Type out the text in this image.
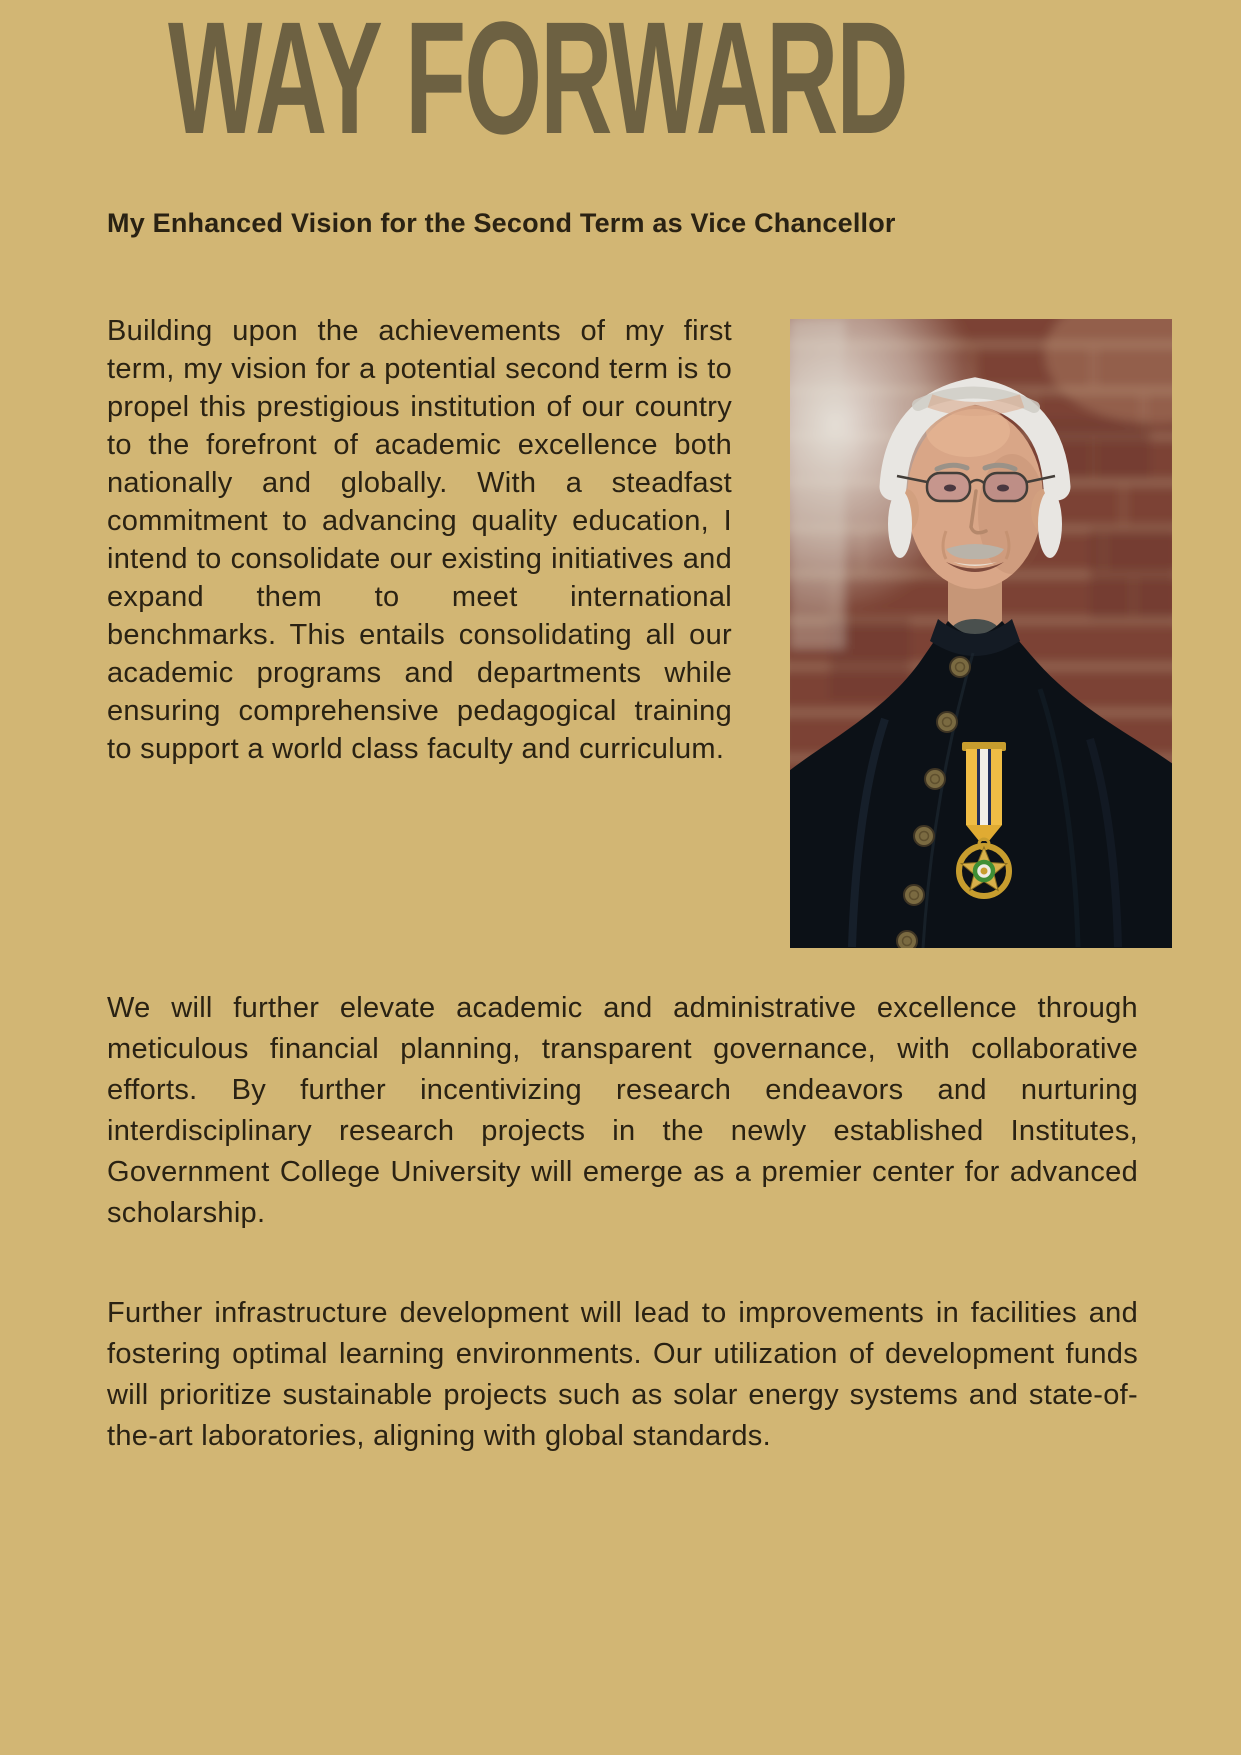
WAY FORWARD
My Enhanced Vision for the Second Term as Vice Chancellor
Building upon the achievements of my first term, my vision for a potential second term is to propel this prestigious institution of our country to the forefront of academic excellence both nationally and globally. With a steadfast commitment to advancing quality education, I intend to consolidate our existing initiatives and expand them to meet international benchmarks. This entails consolidating all our academic programs and departments while ensuring comprehensive pedagogical training to support a world class faculty and curriculum.
We will further elevate academic and administrative excellence through meticulous financial planning, transparent governance, with collaborative efforts. By further incentivizing research endeavors and nurturing interdisciplinary research projects in the newly established Institutes, Government College University will emerge as a premier center for advanced scholarship.
Further infrastructure development will lead to improvements in facilities and fostering optimal learning environments. Our utilization of development funds will prioritize sustainable projects such as solar energy systems and state-of-the-art laboratories, aligning with global standards.
